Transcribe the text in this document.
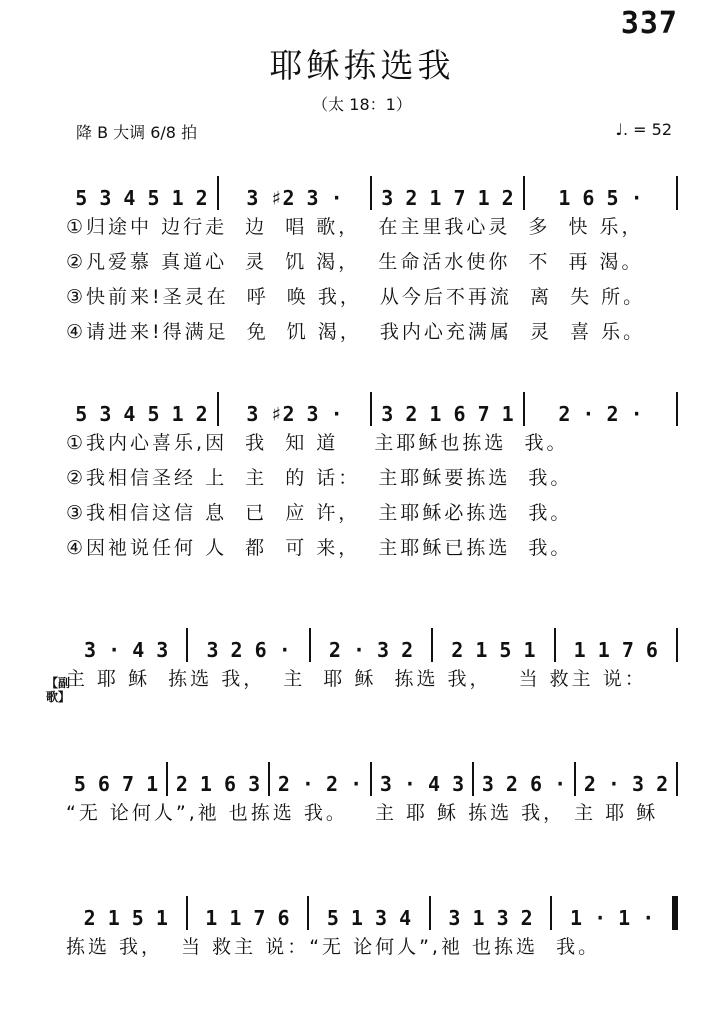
337
耶稣拣选我
（太 18：1）
降 B 大调 6/8 拍	♩. = 52
5 3 4 5 1 2 3 ♯2 3 · 3 2 1 7 1 2 1 6 5 ·
①归途中 边行走  边  唱 歌，  在主里我心灵  多  快 乐，
②凡爱慕 真道心  灵  饥 渴，  生命活水使你  不  再 渴。
③快前来!圣灵在  呼  唤 我，  从今后不再流  离  失 所。
④请进来!得满足  免  饥 渴，  我内心充满属  灵  喜 乐。
5 3 4 5 1 2 3 ♯2 3 · 3 2 1 6 7 1 2 · 2 ·
①我内心喜乐,因  我  知 道    主耶稣也拣选  我。
②我相信圣经 上  主  的 话：  主耶稣要拣选  我。
③我相信这信 息  已  应 许，  主耶稣必拣选  我。
④因祂说任何 人  都  可 来，  主耶稣已拣选  我。
【副歌】
3 · 4 3 3 2 6 · 2 · 3 2 2 1 5 1 1 1 7 6
主 耶 稣  拣选 我，  主  耶 稣  拣选 我，   当 救主 说：
5 6 7 1 2 1 6 3 2 · 2 · 3 · 4 3 3 2 6 · 2 · 3 2
“无 论何人”,祂 也拣选 我。   主 耶 稣 拣选 我， 主 耶 稣
2 1 5 1 1 1 7 6 5 1 3 4 3 1 3 2 1 · 1 ·
拣选 我，  当 救主 说：“无 论何人”,祂 也拣选  我。
